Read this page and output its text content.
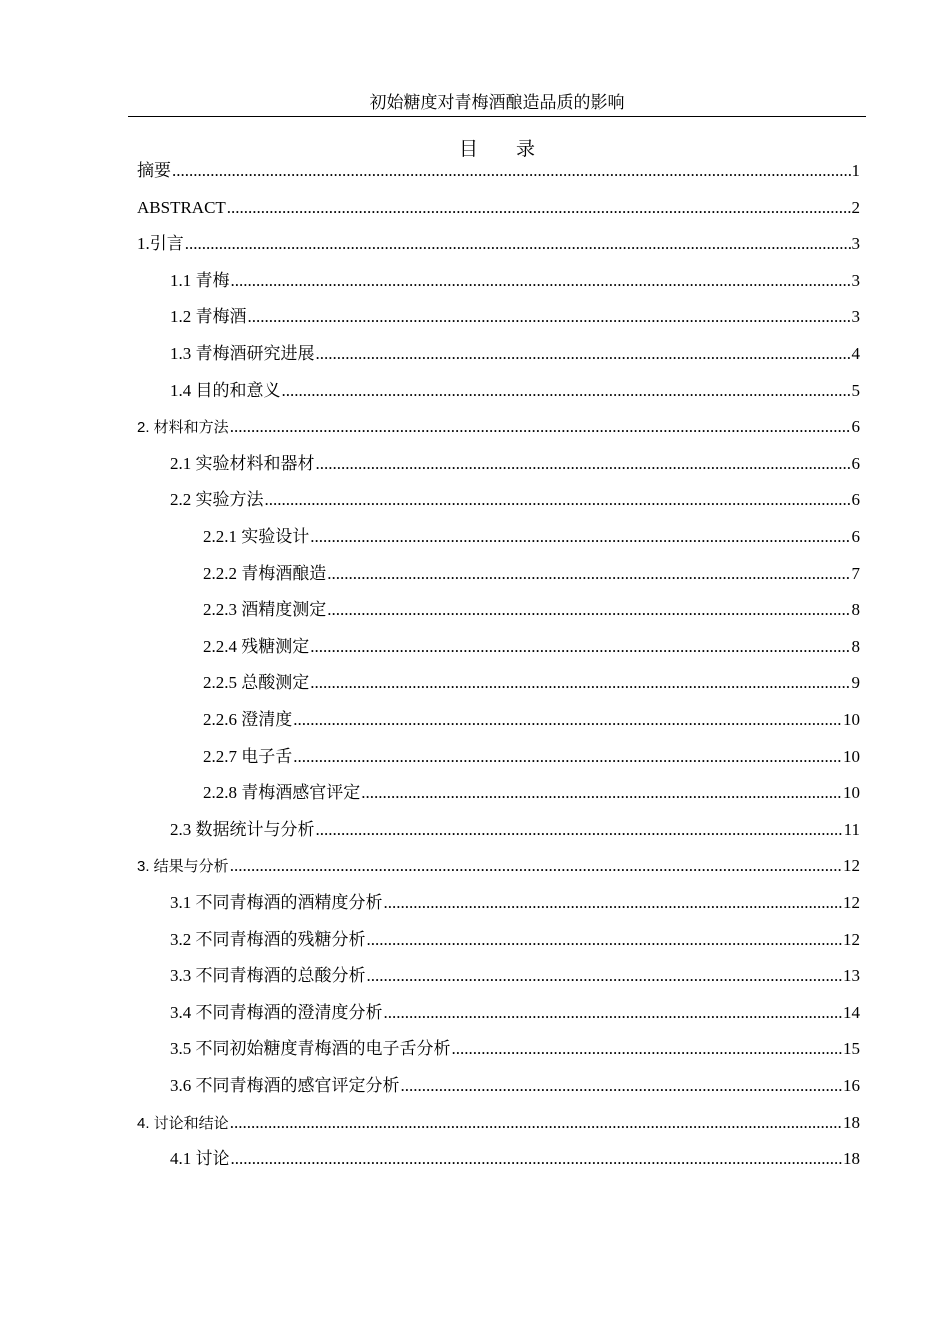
初始糖度对青梅酒酿造品质的影响
目　　录
摘要 .....	1
ABSTRACT .....	2
1.引言 .....	3
1.1 青梅 .....	3
1.2 青梅酒 .....	3
1.3 青梅酒研究进展 .....	4
1.4 目的和意义 .....	5
2. 材料和方法 .....	6
2.1 实验材料和器材 .....	6
2.2 实验方法 .....	6
2.2.1 实验设计 .....	6
2.2.2 青梅酒酿造 .....	7
2.2.3 酒精度测定 .....	8
2.2.4 残糖测定 .....	8
2.2.5 总酸测定 .....	9
2.2.6 澄清度 .....	10
2.2.7 电子舌 .....	10
2.2.8 青梅酒感官评定 .....	10
2.3 数据统计与分析 .....	11
3. 结果与分析 .....	12
3.1 不同青梅酒的酒精度分析 .....	12
3.2 不同青梅酒的残糖分析 .....	12
3.3 不同青梅酒的总酸分析 .....	13
3.4 不同青梅酒的澄清度分析 .....	14
3.5 不同初始糖度青梅酒的电子舌分析 .....	15
3.6 不同青梅酒的感官评定分析 .....	16
4. 讨论和结论 .....	18
4.1 讨论 .....	18
